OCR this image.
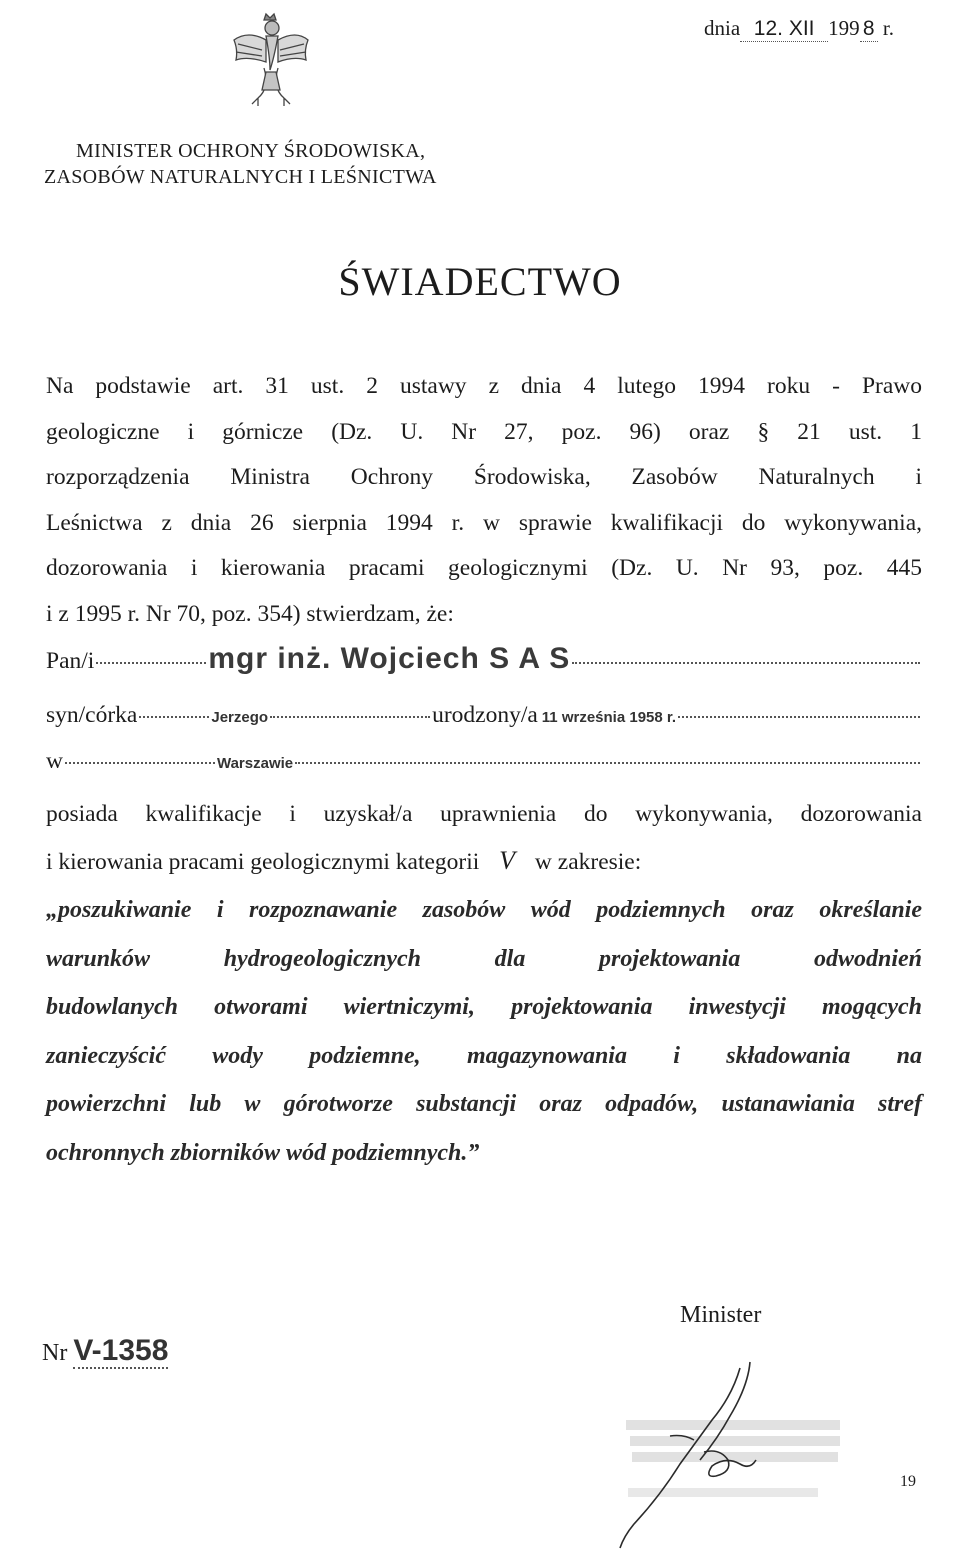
dnia 12. XII 199 8 r.
MINISTER OCHRONY ŚRODOWISKA,
ZASOBÓW NATURALNYCH I LEŚNICTWA
ŚWIADECTWO
Na podstawie art. 31 ust. 2 ustawy z dnia 4 lutego 1994 roku - Prawo
geologiczne i górnicze (Dz. U. Nr 27, poz. 96) oraz § 21 ust. 1
rozporządzenia Ministra Ochrony Środowiska, Zasobów Naturalnych i
Leśnictwa z dnia 26 sierpnia 1994 r. w sprawie kwalifikacji do wykonywania,
dozorowania i kierowania pracami geologicznymi (Dz. U. Nr 93, poz. 445
i z 1995 r. Nr 70, poz. 354) stwierdzam, że:
Pan/i	mgr inż. Wojciech S A S
syn/córka	Jerzego	urodzony/a 11 września 1958 r.
w	Warszawie
posiada kwalifikacje i uzyskał/a uprawnienia do wykonywania, dozorowania
i kierowania pracami geologicznymi kategorii V w zakresie:
„poszukiwanie i rozpoznawanie zasobów wód podziemnych oraz określanie
warunków hydrogeologicznych dla projektowania odwodnień
budowlanych otworami wiertniczymi, projektowania inwestycji mogących
zanieczyścić wody podziemne, magazynowania i składowania na
powierzchni lub w górotworze substancji oraz odpadów, ustanawiania stref
ochronnych zbiorników wód podziemnych.”
Nr V-1358
Minister
19
